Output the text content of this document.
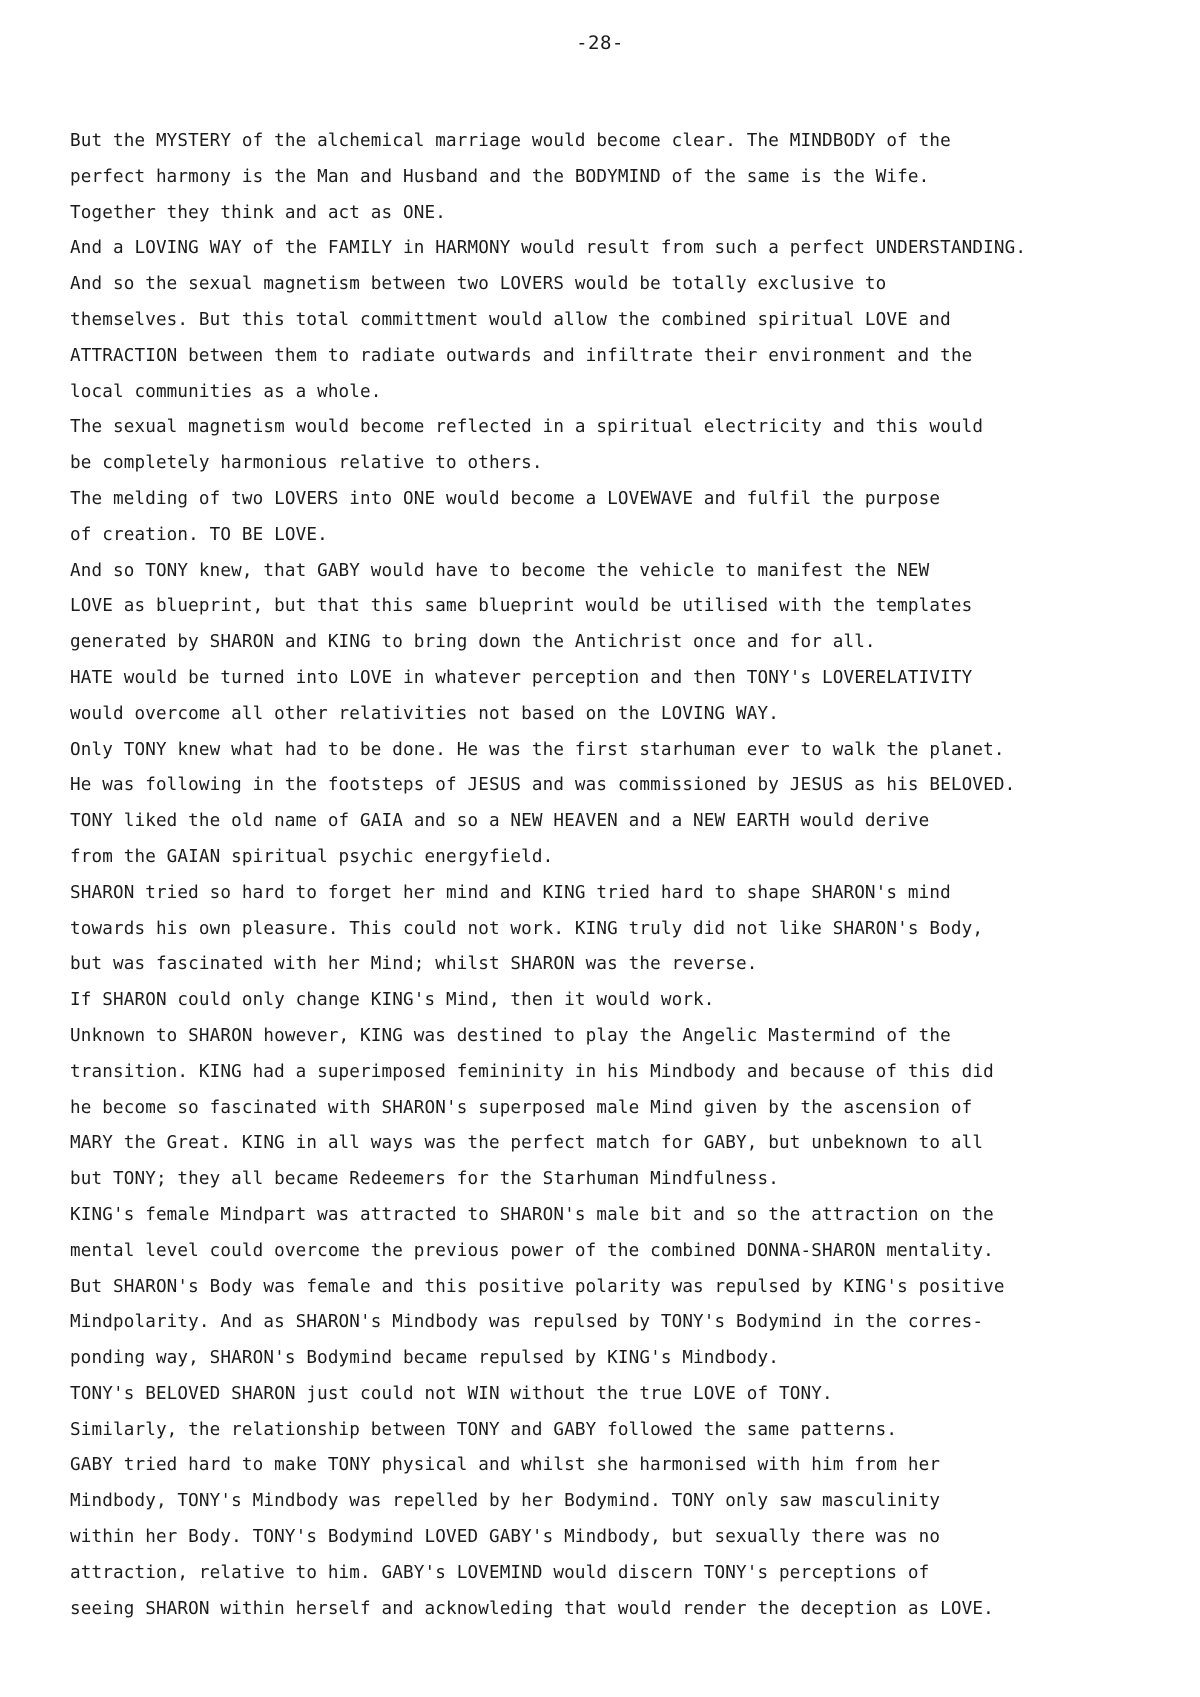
-28-
But the MYSTERY of the alchemical marriage would become clear. The MINDBODY of the
perfect harmony is the Man and Husband and the BODYMIND of the same is the Wife.
Together they think and act as ONE.
And a LOVING WAY of the FAMILY in HARMONY would result from such a perfect UNDERSTANDING.
And so the sexual magnetism between two LOVERS would be totally exclusive to
themselves. But this total committment would allow the combined spiritual LOVE and
ATTRACTION between them to radiate outwards and infiltrate their environment and the
local communities as a whole.
The sexual magnetism would become reflected in a spiritual electricity and this would
be completely harmonious relative to others.
The melding of two LOVERS into ONE would become a LOVEWAVE and fulfil the purpose
of creation. TO BE LOVE.
And so TONY knew, that GABY would have to become the vehicle to manifest the NEW
LOVE as blueprint, but that this same blueprint would be utilised with the templates
generated by SHARON and KING to bring down the Antichrist once and for all.
HATE would be turned into LOVE in whatever perception and then TONY's LOVERELATIVITY
would overcome all other relativities not based on the LOVING WAY.
Only TONY knew what had to be done. He was the first starhuman ever to walk the planet.
He was following in the footsteps of JESUS and was commissioned by JESUS as his BELOVED.
TONY liked the old name of GAIA and so a NEW HEAVEN and a NEW EARTH would derive
from the GAIAN spiritual psychic energyfield.
SHARON tried so hard to forget her mind and KING tried hard to shape SHARON's mind
towards his own pleasure. This could not work. KING truly did not like SHARON's Body,
but was fascinated with her Mind; whilst SHARON was the reverse.
If SHARON could only change KING's Mind, then it would work.
Unknown to SHARON however, KING was destined to play the Angelic Mastermind of the
transition. KING had a superimposed femininity in his Mindbody and because of this did
he become so fascinated with SHARON's superposed male Mind given by the ascension of
MARY the Great. KING in all ways was the perfect match for GABY, but unbeknown to all
but TONY; they all became Redeemers for the Starhuman Mindfulness.
KING's female Mindpart was attracted to SHARON's male bit and so the attraction on the
mental level could overcome the previous power of the combined DONNA-SHARON mentality.
But SHARON's Body was female and this positive polarity was repulsed by KING's positive
Mindpolarity. And as SHARON's Mindbody was repulsed by TONY's Bodymind in the corres-
ponding way, SHARON's Bodymind became repulsed by KING's Mindbody.
TONY's BELOVED SHARON just could not WIN without the true LOVE of TONY.
Similarly, the relationship between TONY and GABY followed the same patterns.
GABY tried hard to make TONY physical and whilst she harmonised with him from her
Mindbody, TONY's Mindbody was repelled by her Bodymind. TONY only saw masculinity
within her Body. TONY's Bodymind LOVED GABY's Mindbody, but sexually there was no
attraction, relative to him. GABY's LOVEMIND would discern TONY's perceptions of
seeing SHARON within herself and acknowleding that would render the deception as LOVE.
